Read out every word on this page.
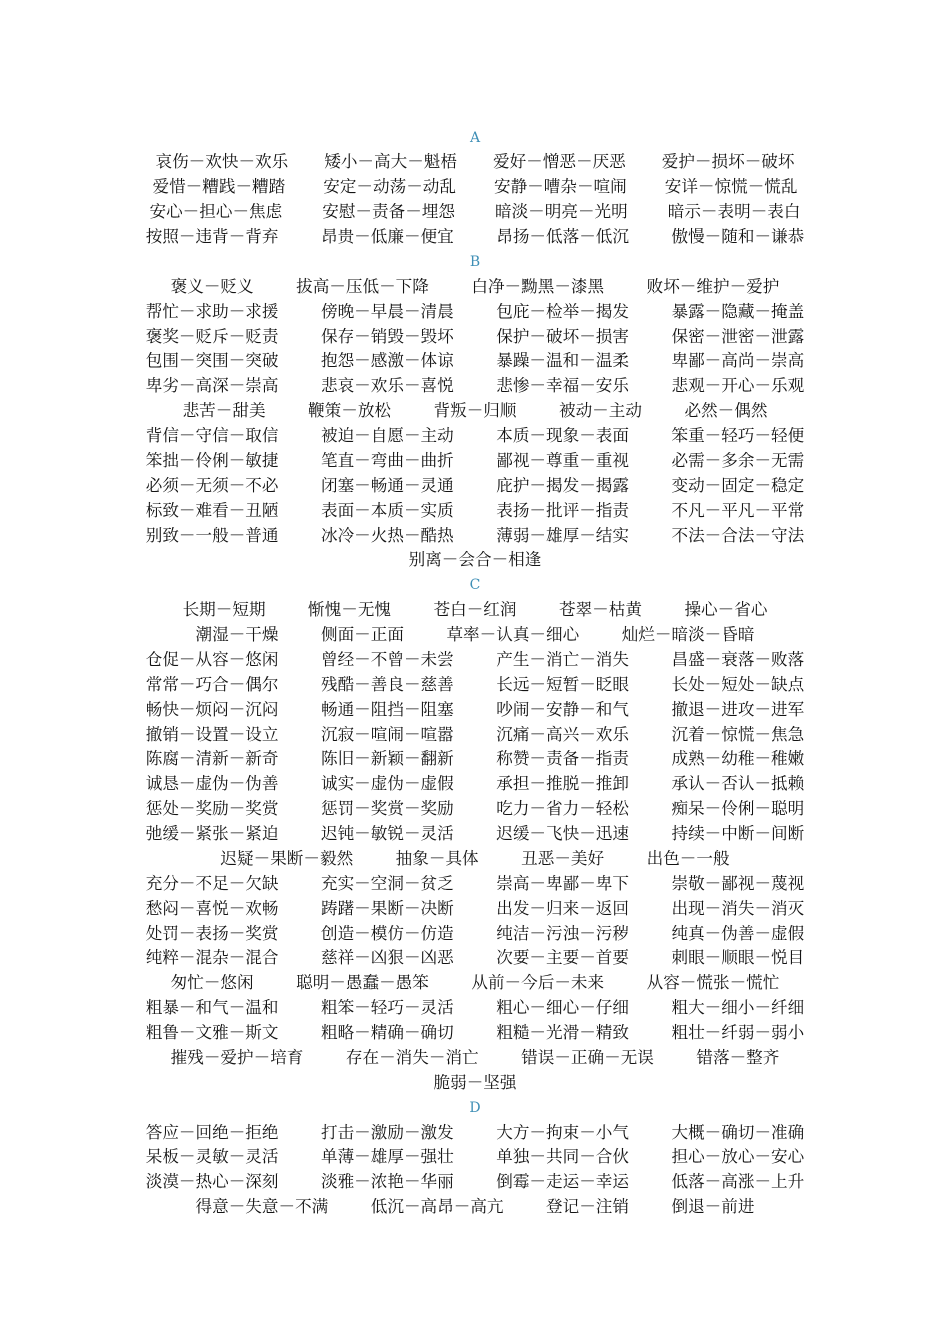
A
哀伤－欢快－欢乐 矮小－高大－魁梧 爱好－憎恶－厌恶 爱护－损坏－破坏
爱惜－糟践－糟踏 安定－动荡－动乱 安静－嘈杂－喧闹 安详－惊慌－慌乱
安心－担心－焦虑 安慰－责备－埋怨 暗淡－明亮－光明 暗示－表明－表白
按照－违背－背弃	昂贵－低廉－便宜	昂扬－低落－低沉	傲慢－随和－谦恭
B
褒义－贬义	拔高－压低－下降	白净－黝黑－漆黑	败坏－维护－爱护
帮忙－求助－求援	傍晚－早晨－清晨	包庇－检举－揭发	暴露－隐藏－掩盖
褒奖－贬斥－贬责	保存－销毁－毁坏	保护－破坏－损害	保密－泄密－泄露
包围－突围－突破	抱怨－感激－体谅	暴躁－温和－温柔	卑鄙－高尚－崇高
卑劣－高深－崇高	悲哀－欢乐－喜悦	悲惨－幸福－安乐	悲观－开心－乐观
悲苦－甜美	鞭策－放松	背叛－归顺	被动－主动	必然－偶然
背信－守信－取信	被迫－自愿－主动	本质－现象－表面	笨重－轻巧－轻便
笨拙－伶俐－敏捷	笔直－弯曲－曲折	鄙视－尊重－重视	必需－多余－无需
必须－无须－不必	闭塞－畅通－灵通	庇护－揭发－揭露	变动－固定－稳定
标致－难看－丑陋	表面－本质－实质	表扬－批评－指责	不凡－平凡－平常
别致－一般－普通	冰冷－火热－酷热	薄弱－雄厚－结实	不法－合法－守法
别离－会合－相逢
C
长期－短期	惭愧－无愧	苍白－红润	苍翠－枯黄	操心－省心
潮湿－干燥	侧面－正面	草率－认真－细心	灿烂－暗淡－昏暗
仓促－从容－悠闲	曾经－不曾－未尝	产生－消亡－消失	昌盛－衰落－败落
常常－巧合－偶尔	残酷－善良－慈善	长远－短暂－眨眼	长处－短处－缺点
畅快－烦闷－沉闷	畅通－阻挡－阻塞	吵闹－安静－和气	撤退－进攻－进军
撤销－设置－设立	沉寂－喧闹－喧嚣	沉痛－高兴－欢乐	沉着－惊慌－焦急
陈腐－清新－新奇	陈旧－新颖－翻新	称赞－责备－指责	成熟－幼稚－稚嫩
诚恳－虚伪－伪善	诚实－虚伪－虚假	承担－推脱－推卸	承认－否认－抵赖
惩处－奖励－奖赏	惩罚－奖赏－奖励	吃力－省力－轻松	痴呆－伶俐－聪明
弛缓－紧张－紧迫	迟钝－敏锐－灵活	迟缓－飞快－迅速	持续－中断－间断
迟疑－果断－毅然	抽象－具体	丑恶－美好	出色－一般
充分－不足－欠缺	充实－空洞－贫乏	崇高－卑鄙－卑下	崇敬－鄙视－蔑视
愁闷－喜悦－欢畅	踌躇－果断－决断	出发－归来－返回	出现－消失－消灭
处罚－表扬－奖赏	创造－模仿－仿造	纯洁－污浊－污秽	纯真－伪善－虚假
纯粹－混杂－混合	慈祥－凶狠－凶恶	次要－主要－首要	刺眼－顺眼－悦目
匆忙－悠闲	聪明－愚蠢－愚笨	从前－今后－未来	从容－慌张－慌忙
粗暴－和气－温和	粗笨－轻巧－灵活	粗心－细心－仔细	粗大－细小－纤细
粗鲁－文雅－斯文	粗略－精确－确切	粗糙－光滑－精致	粗壮－纤弱－弱小
摧残－爱护－培育	存在－消失－消亡	错误－正确－无误	错落－整齐
脆弱－坚强
D
答应－回绝－拒绝	打击－激励－激发	大方－拘束－小气	大概－确切－准确
呆板－灵敏－灵活	单薄－雄厚－强壮	单独－共同－合伙	担心－放心－安心
淡漠－热心－深刻	淡雅－浓艳－华丽	倒霉－走运－幸运	低落－高涨－上升
得意－失意－不满	低沉－高昂－高亢	登记－注销	倒退－前进
